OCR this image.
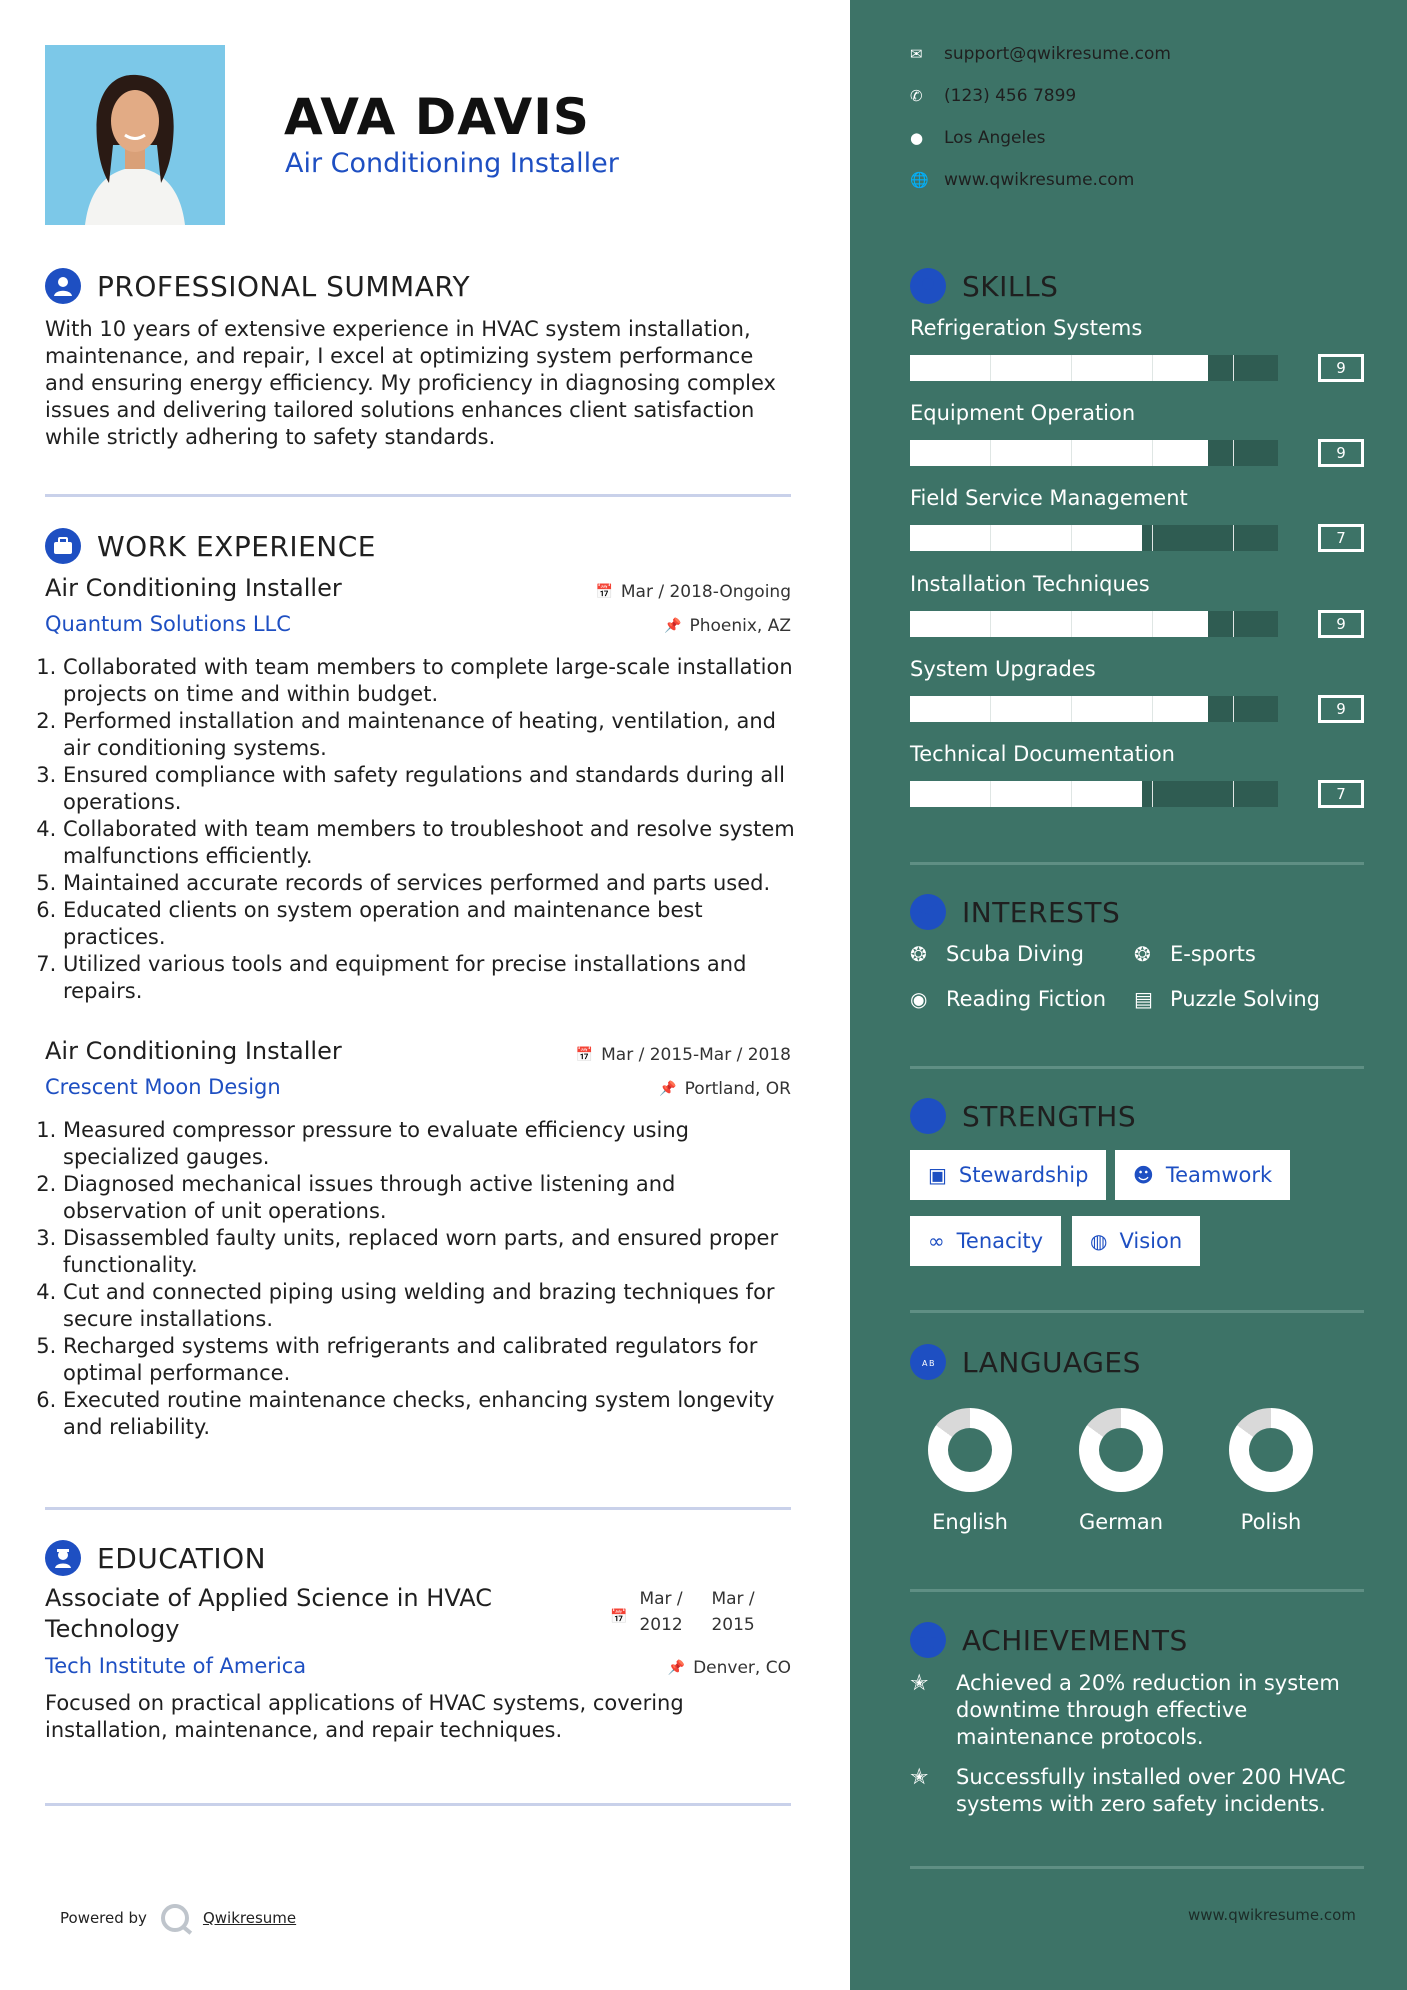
AVA DAVIS
Air Conditioning Installer
PROFESSIONAL SUMMARY
With 10 years of extensive experience in HVAC system installation, maintenance, and repair, I excel at optimizing system performance and ensuring energy efficiency. My proficiency in diagnosing complex issues and delivering tailored solutions enhances client satisfaction while strictly adhering to safety standards.
WORK EXPERIENCE
Air Conditioning Installer	📅 Mar / 2018-Ongoing
Quantum Solutions LLC	📌 Phoenix, AZ
1. Collaborated with team members to complete large-scale installation projects on time and within budget.
2. Performed installation and maintenance of heating, ventilation, and air conditioning systems.
3. Ensured compliance with safety regulations and standards during all operations.
4. Collaborated with team members to troubleshoot and resolve system malfunctions efficiently.
5. Maintained accurate records of services performed and parts used.
6. Educated clients on system operation and maintenance best practices.
7. Utilized various tools and equipment for precise installations and repairs.
Air Conditioning Installer	📅 Mar / 2015-Mar / 2018
Crescent Moon Design	📌 Portland, OR
1. Measured compressor pressure to evaluate efficiency using specialized gauges.
2. Diagnosed mechanical issues through active listening and observation of unit operations.
3. Disassembled faulty units, replaced worn parts, and ensured proper functionality.
4. Cut and connected piping using welding and brazing techniques for secure installations.
5. Recharged systems with refrigerants and calibrated regulators for optimal performance.
6. Executed routine maintenance checks, enhancing system longevity and reliability.
EDUCATION
Associate of Applied Science in HVAC Technology	📅
Mar /
2012
Mar /
2015
Tech Institute of America	📌 Denver, CO
Focused on practical applications of HVAC systems, covering installation, maintenance, and repair techniques.
Powered by	Qwikresume
✉	support@qwikresume.com
✆	(123) 456 7899
●	Los Angeles
🌐 www.qwikresume.com
SKILLS
Refrigeration Systems
9
Equipment Operation
9
Field Service Management
7
Installation Techniques
9
System Upgrades
9
Technical Documentation
7
INTERESTS
❂ Scuba Diving	❂ E-sports
◉ Reading Fiction ▤ Puzzle Solving
STRENGTHS
▣ Stewardship ☻ Teamwork
∞ Tenacity ◍ Vision
A B LANGUAGES
English	German	Polish
ACHIEVEMENTS
✭	Achieved a 20% reduction in system downtime through effective maintenance protocols.
✭	Successfully installed over 200 HVAC systems with zero safety incidents.
www.qwikresume.com
